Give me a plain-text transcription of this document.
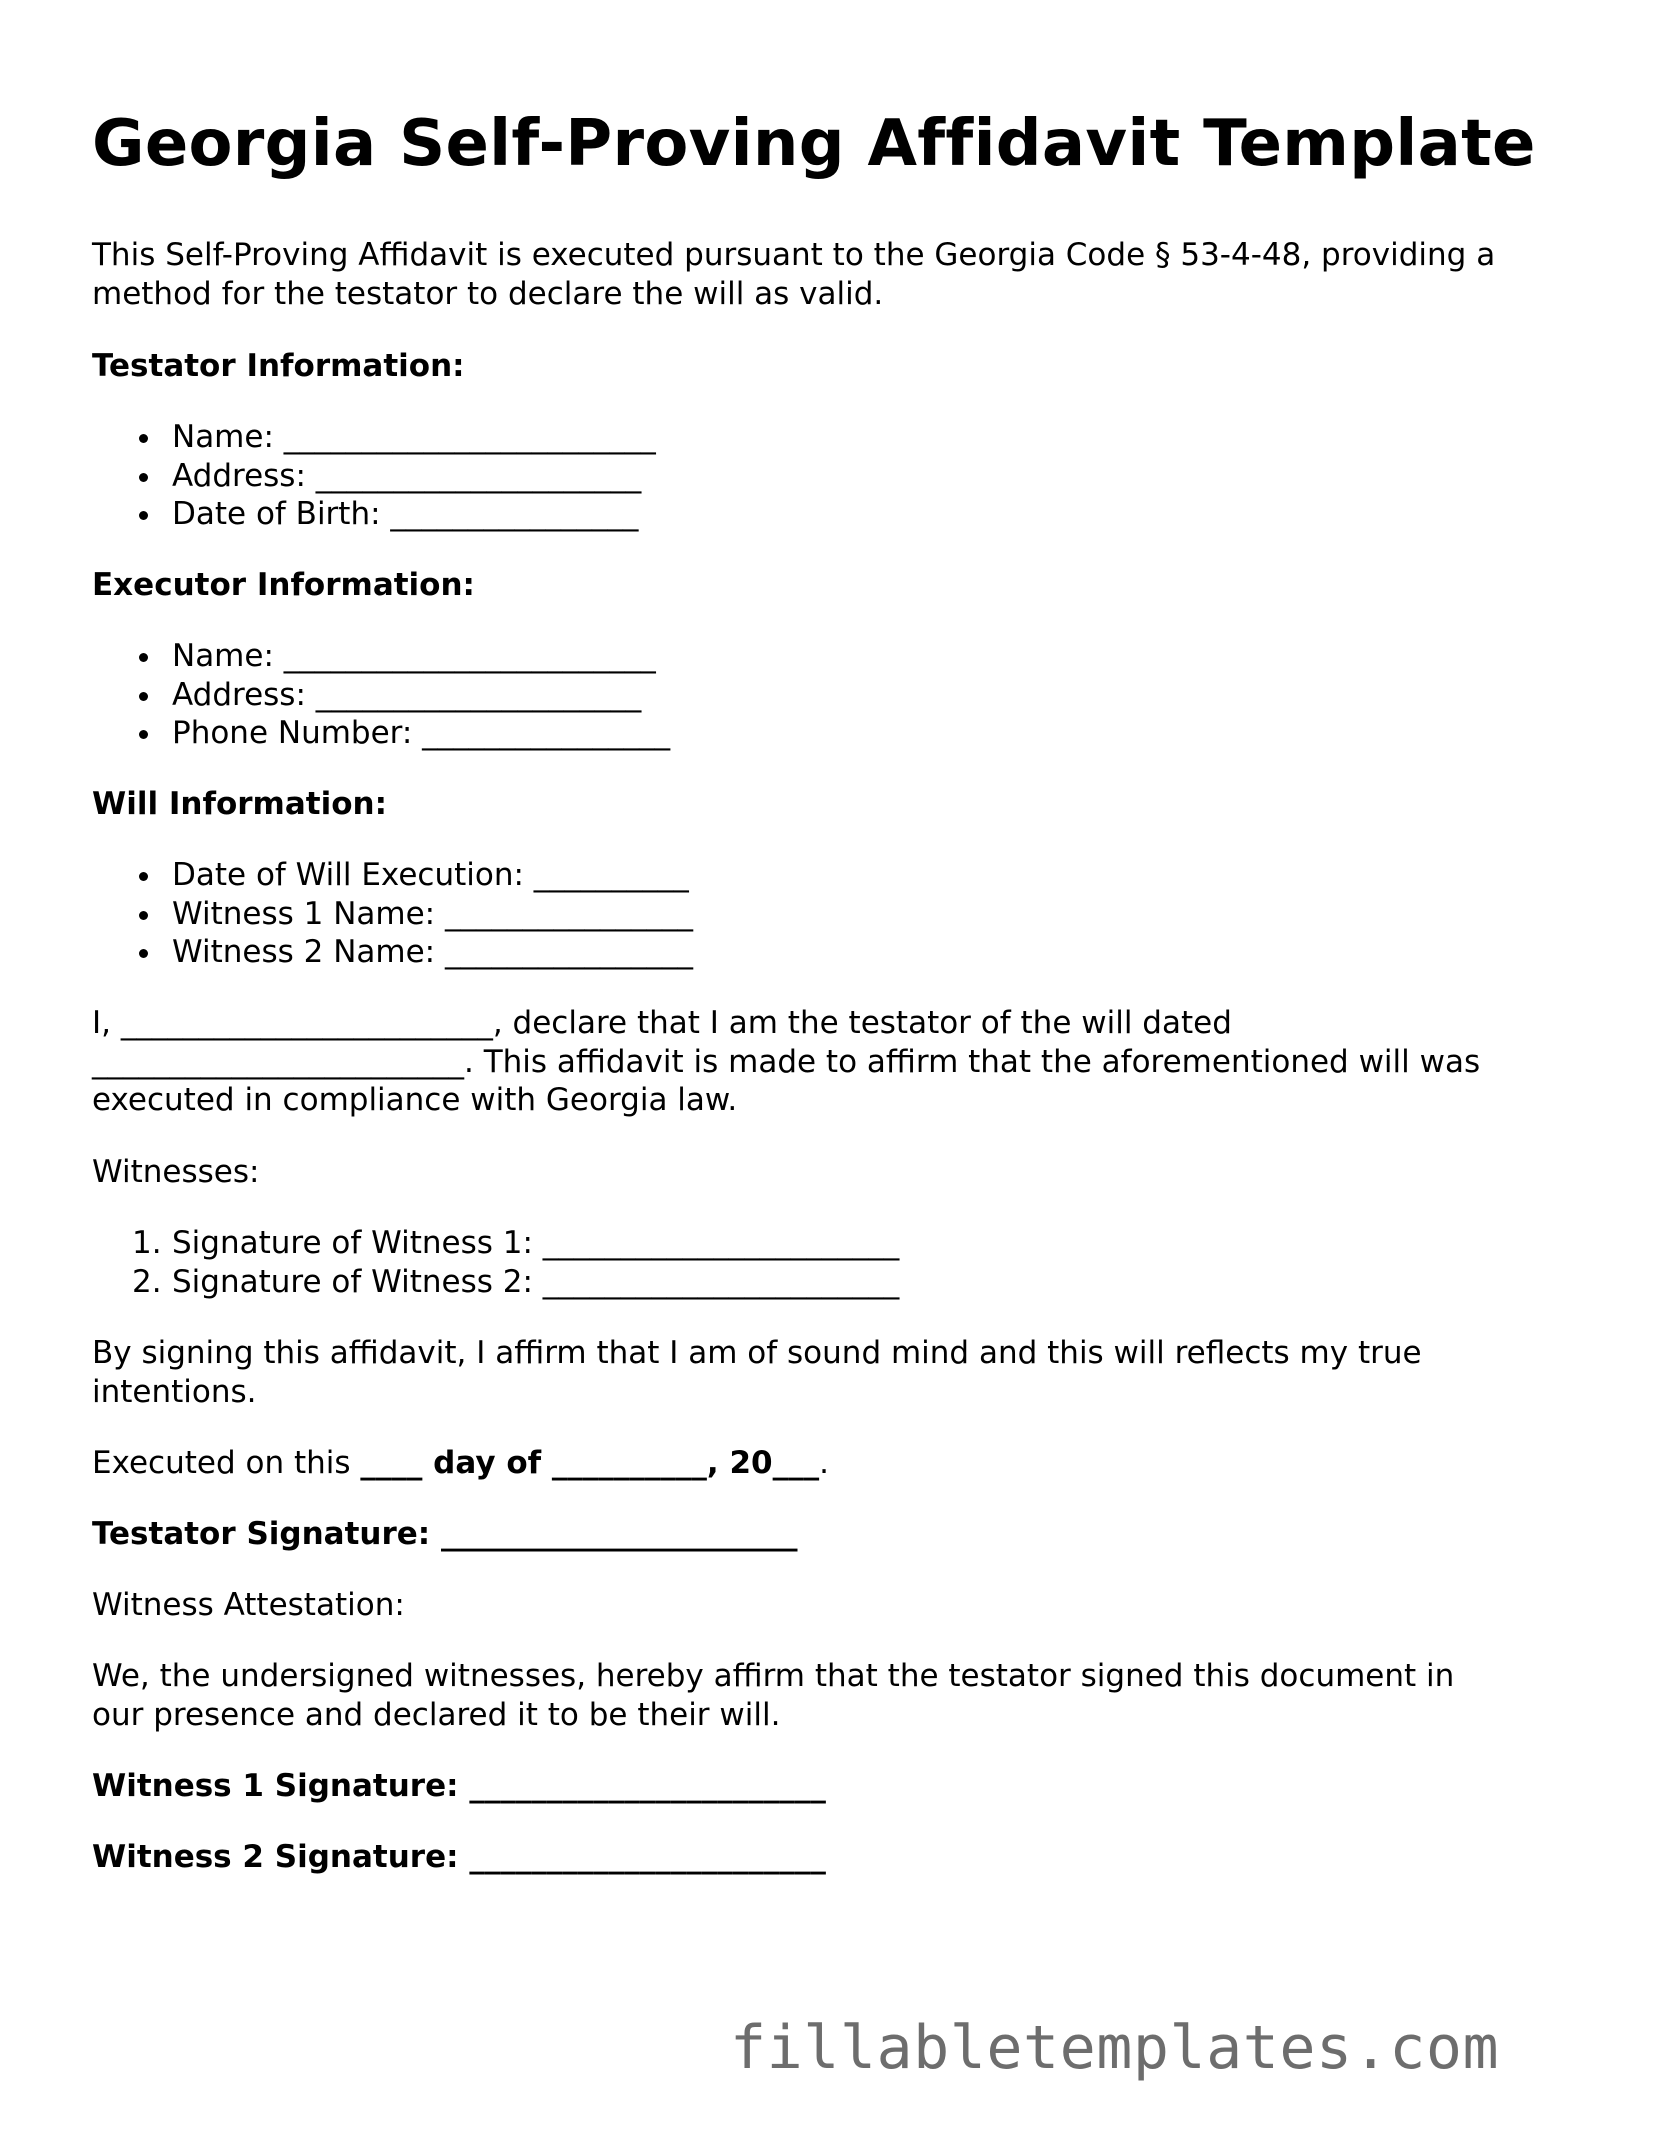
Georgia Self-Proving Affidavit Template

This Self-Proving Affidavit is executed pursuant to the Georgia Code § 53-4-48, providing a

method for the testator to declare the will as valid.

Testator Information:

Name: ________________________
Address: _____________________
Date of Birth: ________________

Executor Information:

Name: ________________________
Address: _____________________
Phone Number: ________________

Will Information:

Date of Will Execution: __________
Witness 1 Name: ________________
Witness 2 Name: ________________

I, ________________________, declare that I am the testator of the will dated

________________________. This affidavit is made to affirm that the aforementioned will was

executed in compliance with Georgia law.

Witnesses:

1. Signature of Witness 1: _______________________
2. Signature of Witness 2: _______________________

By signing this affidavit, I affirm that I am of sound mind and this will reflects my true

intentions.

Executed on this ____ day of __________, 20___.

Testator Signature: _______________________

Witness Attestation:

We, the undersigned witnesses, hereby affirm that the testator signed this document in

our presence and declared it to be their will.

Witness 1 Signature: _______________________

Witness 2 Signature: _______________________

fillabletemplates.com
